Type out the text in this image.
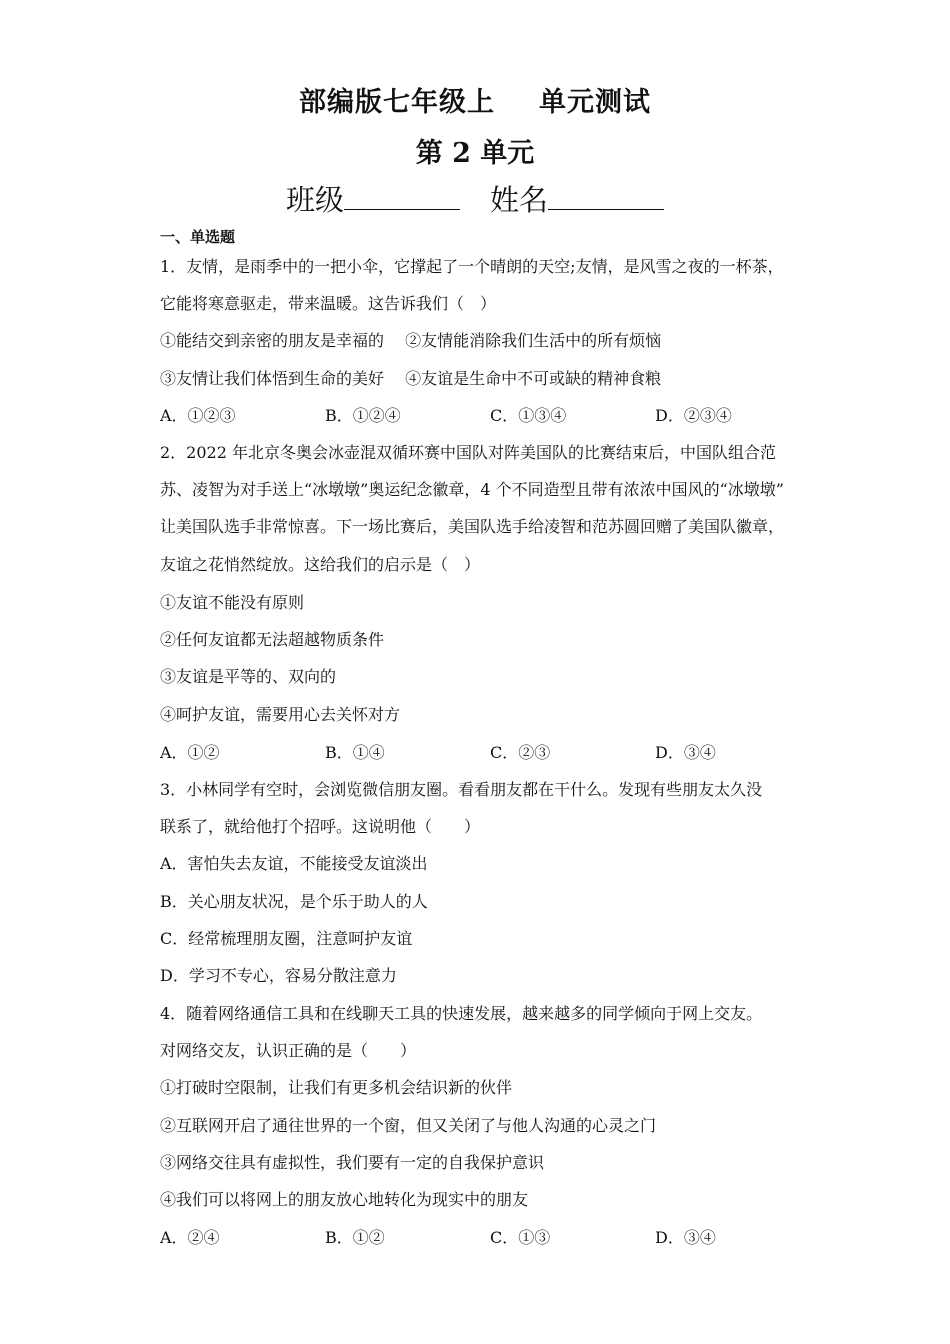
部编版七年级上 单元测试
第 2 单元
班级	姓名
一、单选题
1．友情，是雨季中的一把小伞，它撑起了一个晴朗的天空;友情，是风雪之夜的一杯茶，
它能将寒意驱走，带来温暖。这告诉我们（　）
①能结交到亲密的朋友是幸福的　 ②友情能消除我们生活中的所有烦恼
③友情让我们体悟到生命的美好　 ④友谊是生命中不可或缺的精神食粮
A．①②③	B．①②④	C．①③④	D．②③④
2．2022 年北京冬奥会冰壶混双循环赛中国队对阵美国队的比赛结束后，中国队组合范
苏、凌智为对手送上“冰墩墩”奥运纪念徽章，4 个不同造型且带有浓浓中国风的“冰墩墩”
让美国队选手非常惊喜。下一场比赛后，美国队选手给凌智和范苏圆回赠了美国队徽章，
友谊之花悄然绽放。这给我们的启示是（　）
①友谊不能没有原则
②任何友谊都无法超越物质条件
③友谊是平等的、双向的
④呵护友谊，需要用心去关怀对方
A．①②	B．①④	C．②③	D．③④
3．小林同学有空时，会浏览微信朋友圈。看看朋友都在干什么。发现有些朋友太久没
联系了，就给他打个招呼。这说明他（　　）
A．害怕失去友谊，不能接受友谊淡出
B．关心朋友状况，是个乐于助人的人
C．经常梳理朋友圈，注意呵护友谊
D．学习不专心，容易分散注意力
4．随着网络通信工具和在线聊天工具的快速发展，越来越多的同学倾向于网上交友。
对网络交友，认识正确的是（　　）
①打破时空限制，让我们有更多机会结识新的伙伴
②互联网开启了通往世界的一个窗，但又关闭了与他人沟通的心灵之门
③网络交往具有虚拟性，我们要有一定的自我保护意识
④我们可以将网上的朋友放心地转化为现实中的朋友
A．②④	B．①②	C．①③	D．③④
